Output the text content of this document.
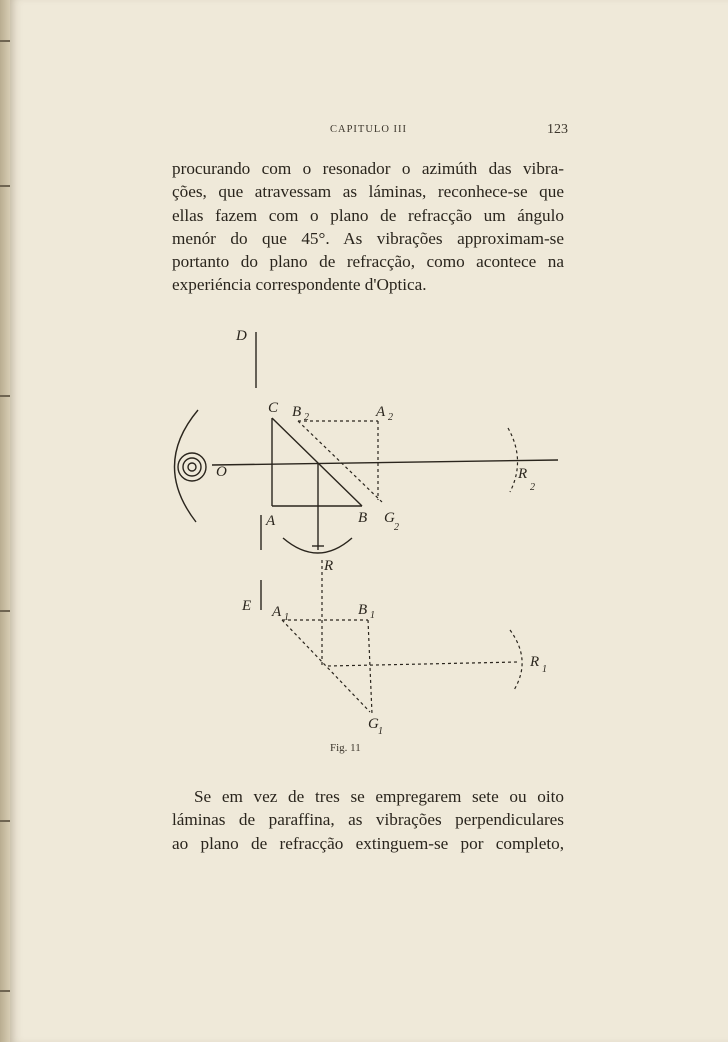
CAPITULO III	123

procurando com o resonador o azimúth das vibra-
ções, que atravessam as láminas, reconhece-se que
ellas fazem com o plano de refracção um ángulo
menór do que 45°. As vibrações approximam-se
portanto do plano de refracção, como acontece na
experiéncia correspondente d'Optica.

D
C B 2	A 2
O	R
2
A	B G
2
R
E A 1	B 1
R 1
G 1
Fig. 11

Se em vez de tres se empregarem sete ou oito
láminas de paraffina, as vibrações perpendiculares
ao plano de refracção extinguem-se por completo,
